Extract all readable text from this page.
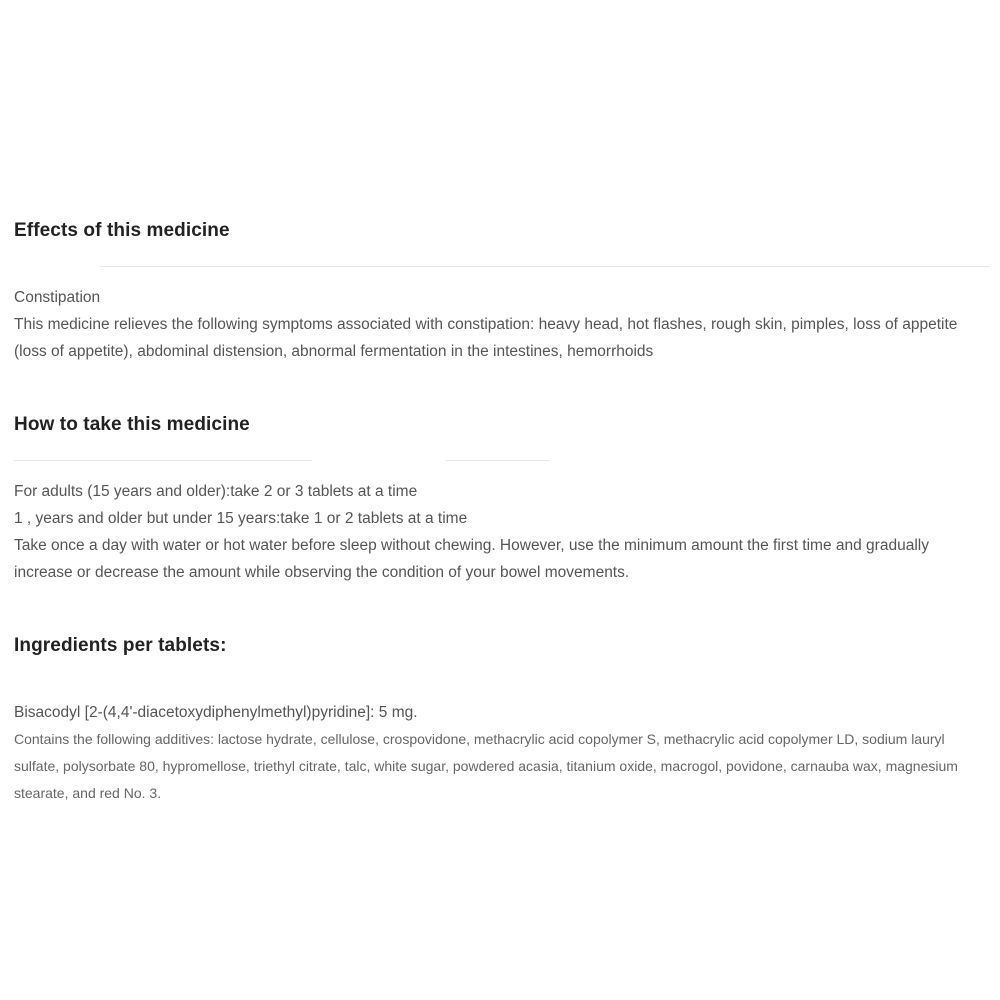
Effects of this medicine
Constipation

This medicine relieves the following symptoms associated with constipation: heavy head, hot flashes, rough skin, pimples, loss of appetite (loss of appetite), abdominal distension, abnormal fermentation in the intestines, hemorrhoids

How to take this medicine
For adults (15 years and older):take 2 or 3 tablets at a time
1 , years and older but under 15 years:take 1 or 2 tablets at a time

Take once a day with water or hot water before sleep without chewing. However, use the minimum amount the first time and gradually increase or decrease the amount while observing the condition of your bowel movements.

Ingredients per tablets:
Bisacodyl [2-(4,4'-diacetoxydiphenylmethyl)pyridine]: 5 mg.

Contains the following additives: lactose hydrate, cellulose, crospovidone, methacrylic acid copolymer S, methacrylic acid copolymer LD, sodium lauryl sulfate, polysorbate 80, hypromellose, triethyl citrate, talc, white sugar, powdered acasia, titanium oxide, macrogol, povidone, carnauba wax, magnesium stearate, and red No. 3.
